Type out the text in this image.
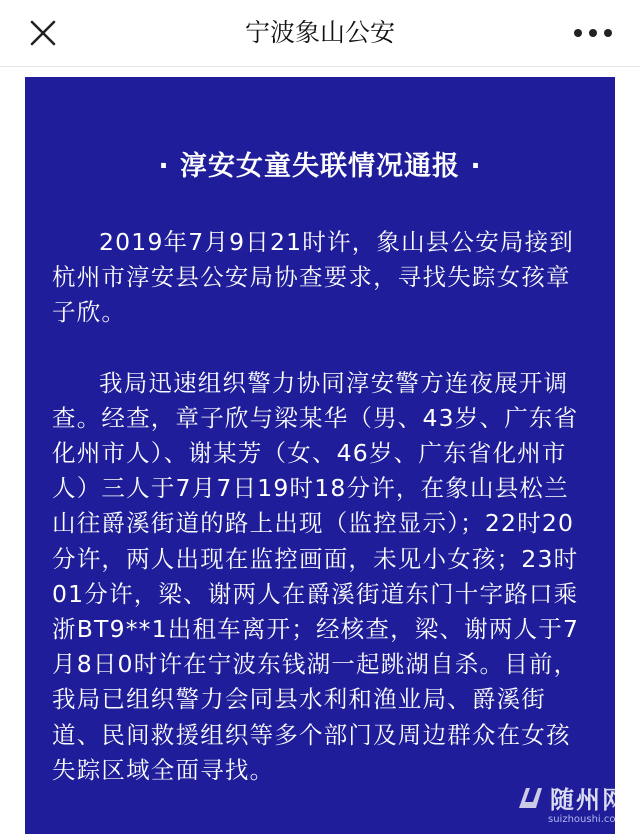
宁波象山公安
· 淳安女童失联情况通报 ·

2019年7月9日21时许，象山县公安局接到杭州市淳安县公安局协查要求，寻找失踪女孩章子欣。

我局迅速组织警力协同淳安警方连夜展开调查。经查，章子欣与梁某华（男、43岁、广东省化州市人）、谢某芳（女、46岁、广东省化州市人）三人于7月7日19时18分许，在象山县松兰山往爵溪街道的路上出现（监控显示）；22时20分许，两人出现在监控画面，未见小女孩；23时01分许，梁、谢两人在爵溪街道东门十字路口乘浙BT9**1出租车离开；经核查，梁、谢两人于7月8日0时许在宁波东钱湖一起跳湖自杀。目前，我局已组织警力会同县水利和渔业局、爵溪街道、民间救援组织等多个部门及周边群众在女孩失踪区域全面寻找。

随州网
suizhoushi.co
